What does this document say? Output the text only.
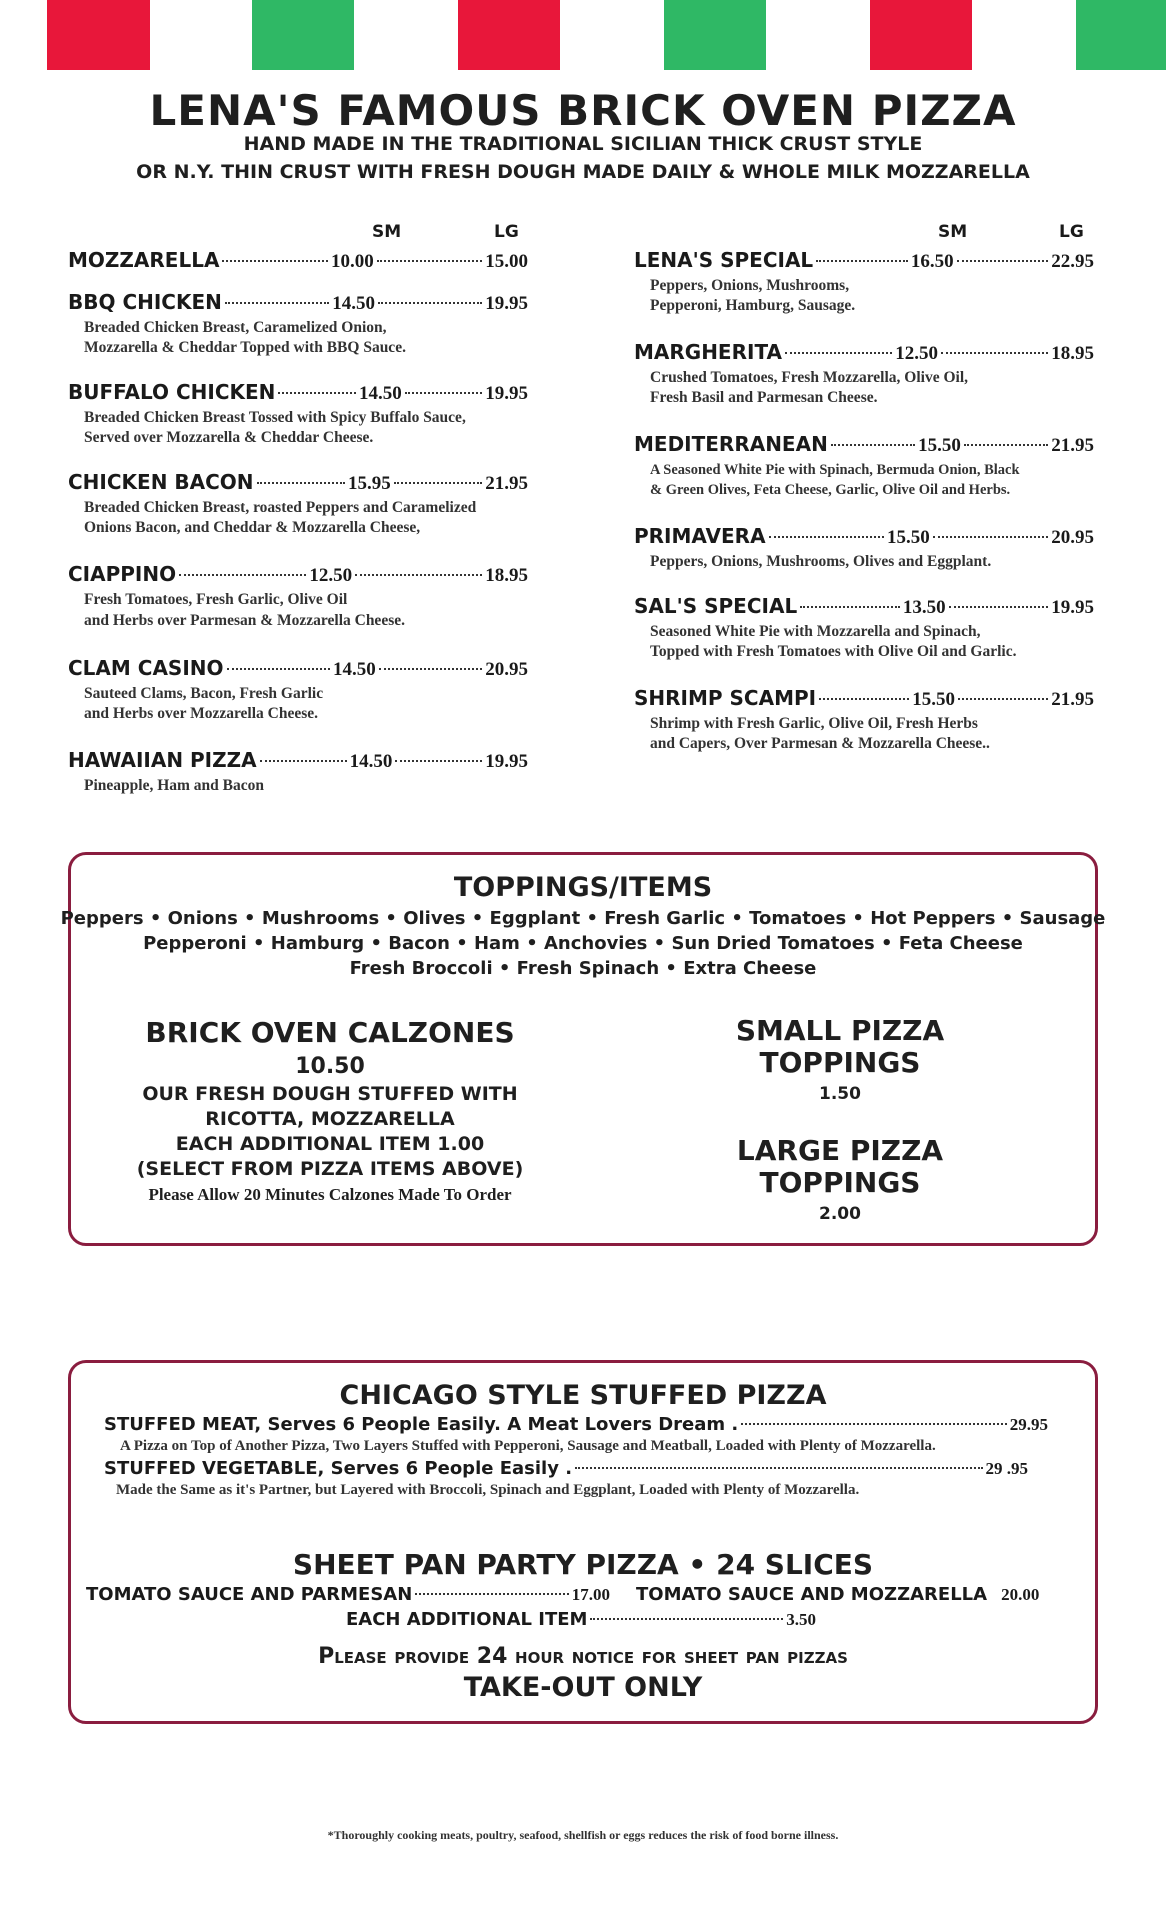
LENA'S FAMOUS BRICK OVEN PIZZA
HAND MADE IN THE TRADITIONAL SICILIAN THICK CRUST STYLE
OR N.Y. THIN CRUST WITH FRESH DOUGH MADE DAILY & WHOLE MILK MOZZARELLA
SM	LG	SM	LG
MOZZARELLA	10.00	15.00
BBQ CHICKEN	14.50	19.95
Breaded Chicken Breast, Caramelized Onion,
Mozzarella & Cheddar Topped with BBQ Sauce.
BUFFALO CHICKEN	14.50	19.95
Breaded Chicken Breast Tossed with Spicy Buffalo Sauce,
Served over Mozzarella & Cheddar Cheese.
CHICKEN BACON	15.95	21.95
Breaded Chicken Breast, roasted Peppers and Caramelized
Onions Bacon, and Cheddar & Mozzarella Cheese,
CIAPPINO	12.50	18.95
Fresh Tomatoes, Fresh Garlic, Olive Oil
and Herbs over Parmesan & Mozzarella Cheese.
CLAM CASINO	14.50	20.95
Sauteed Clams, Bacon, Fresh Garlic
and Herbs over Mozzarella Cheese.
HAWAIIAN PIZZA	14.50	19.95
Pineapple, Ham and Bacon
LENA'S SPECIAL	16.50	22.95
Peppers, Onions, Mushrooms,
Pepperoni, Hamburg, Sausage.
MARGHERITA	12.50	18.95
Crushed Tomatoes, Fresh Mozzarella, Olive Oil,
Fresh Basil and Parmesan Cheese.
MEDITERRANEAN	15.50	21.95
A Seasoned White Pie with Spinach, Bermuda Onion, Black
& Green Olives, Feta Cheese, Garlic, Olive Oil and Herbs.
PRIMAVERA	15.50	20.95
Peppers, Onions, Mushrooms, Olives and Eggplant.
SAL'S SPECIAL	13.50	19.95
Seasoned White Pie with Mozzarella and Spinach,
Topped with Fresh Tomatoes with Olive Oil and Garlic.
SHRIMP SCAMPI	15.50	21.95
Shrimp with Fresh Garlic, Olive Oil, Fresh Herbs
and Capers, Over Parmesan & Mozzarella Cheese..
TOPPINGS/ITEMS
Peppers • Onions • Mushrooms • Olives • Eggplant • Fresh Garlic • Tomatoes • Hot Peppers • Sausage
Pepperoni • Hamburg • Bacon • Ham • Anchovies • Sun Dried Tomatoes • Feta Cheese
Fresh Broccoli • Fresh Spinach • Extra Cheese
BRICK OVEN CALZONES
10.50
OUR FRESH DOUGH STUFFED WITH
RICOTTA, MOZZARELLA
EACH ADDITIONAL ITEM 1.00
(SELECT FROM PIZZA ITEMS ABOVE)
Please Allow 20 Minutes Calzones Made To Order
SMALL PIZZA
TOPPINGS
1.50
LARGE PIZZA
TOPPINGS
2.00
CHICAGO STYLE STUFFED PIZZA
STUFFED MEAT, Serves 6 People Easily. A Meat Lovers Dream .	29.95
A Pizza on Top of Another Pizza, Two Layers Stuffed with Pepperoni, Sausage and Meatball, Loaded with Plenty of Mozzarella.
STUFFED VEGETABLE, Serves 6 People Easily .	29 .95
Made the Same as it's Partner, but Layered with Broccoli, Spinach and Eggplant, Loaded with Plenty of Mozzarella.
SHEET PAN PARTY PIZZA • 24 SLICES
TOMATO SAUCE AND PARMESAN	17.00 TOMATO SAUCE AND MOZZARELLA 20.00
EACH ADDITIONAL ITEM	3.50
Please provide 24 hour notice for sheet pan pizzas
TAKE-OUT ONLY
*Thoroughly cooking meats, poultry, seafood, shellfish or eggs reduces the risk of food borne illness.
